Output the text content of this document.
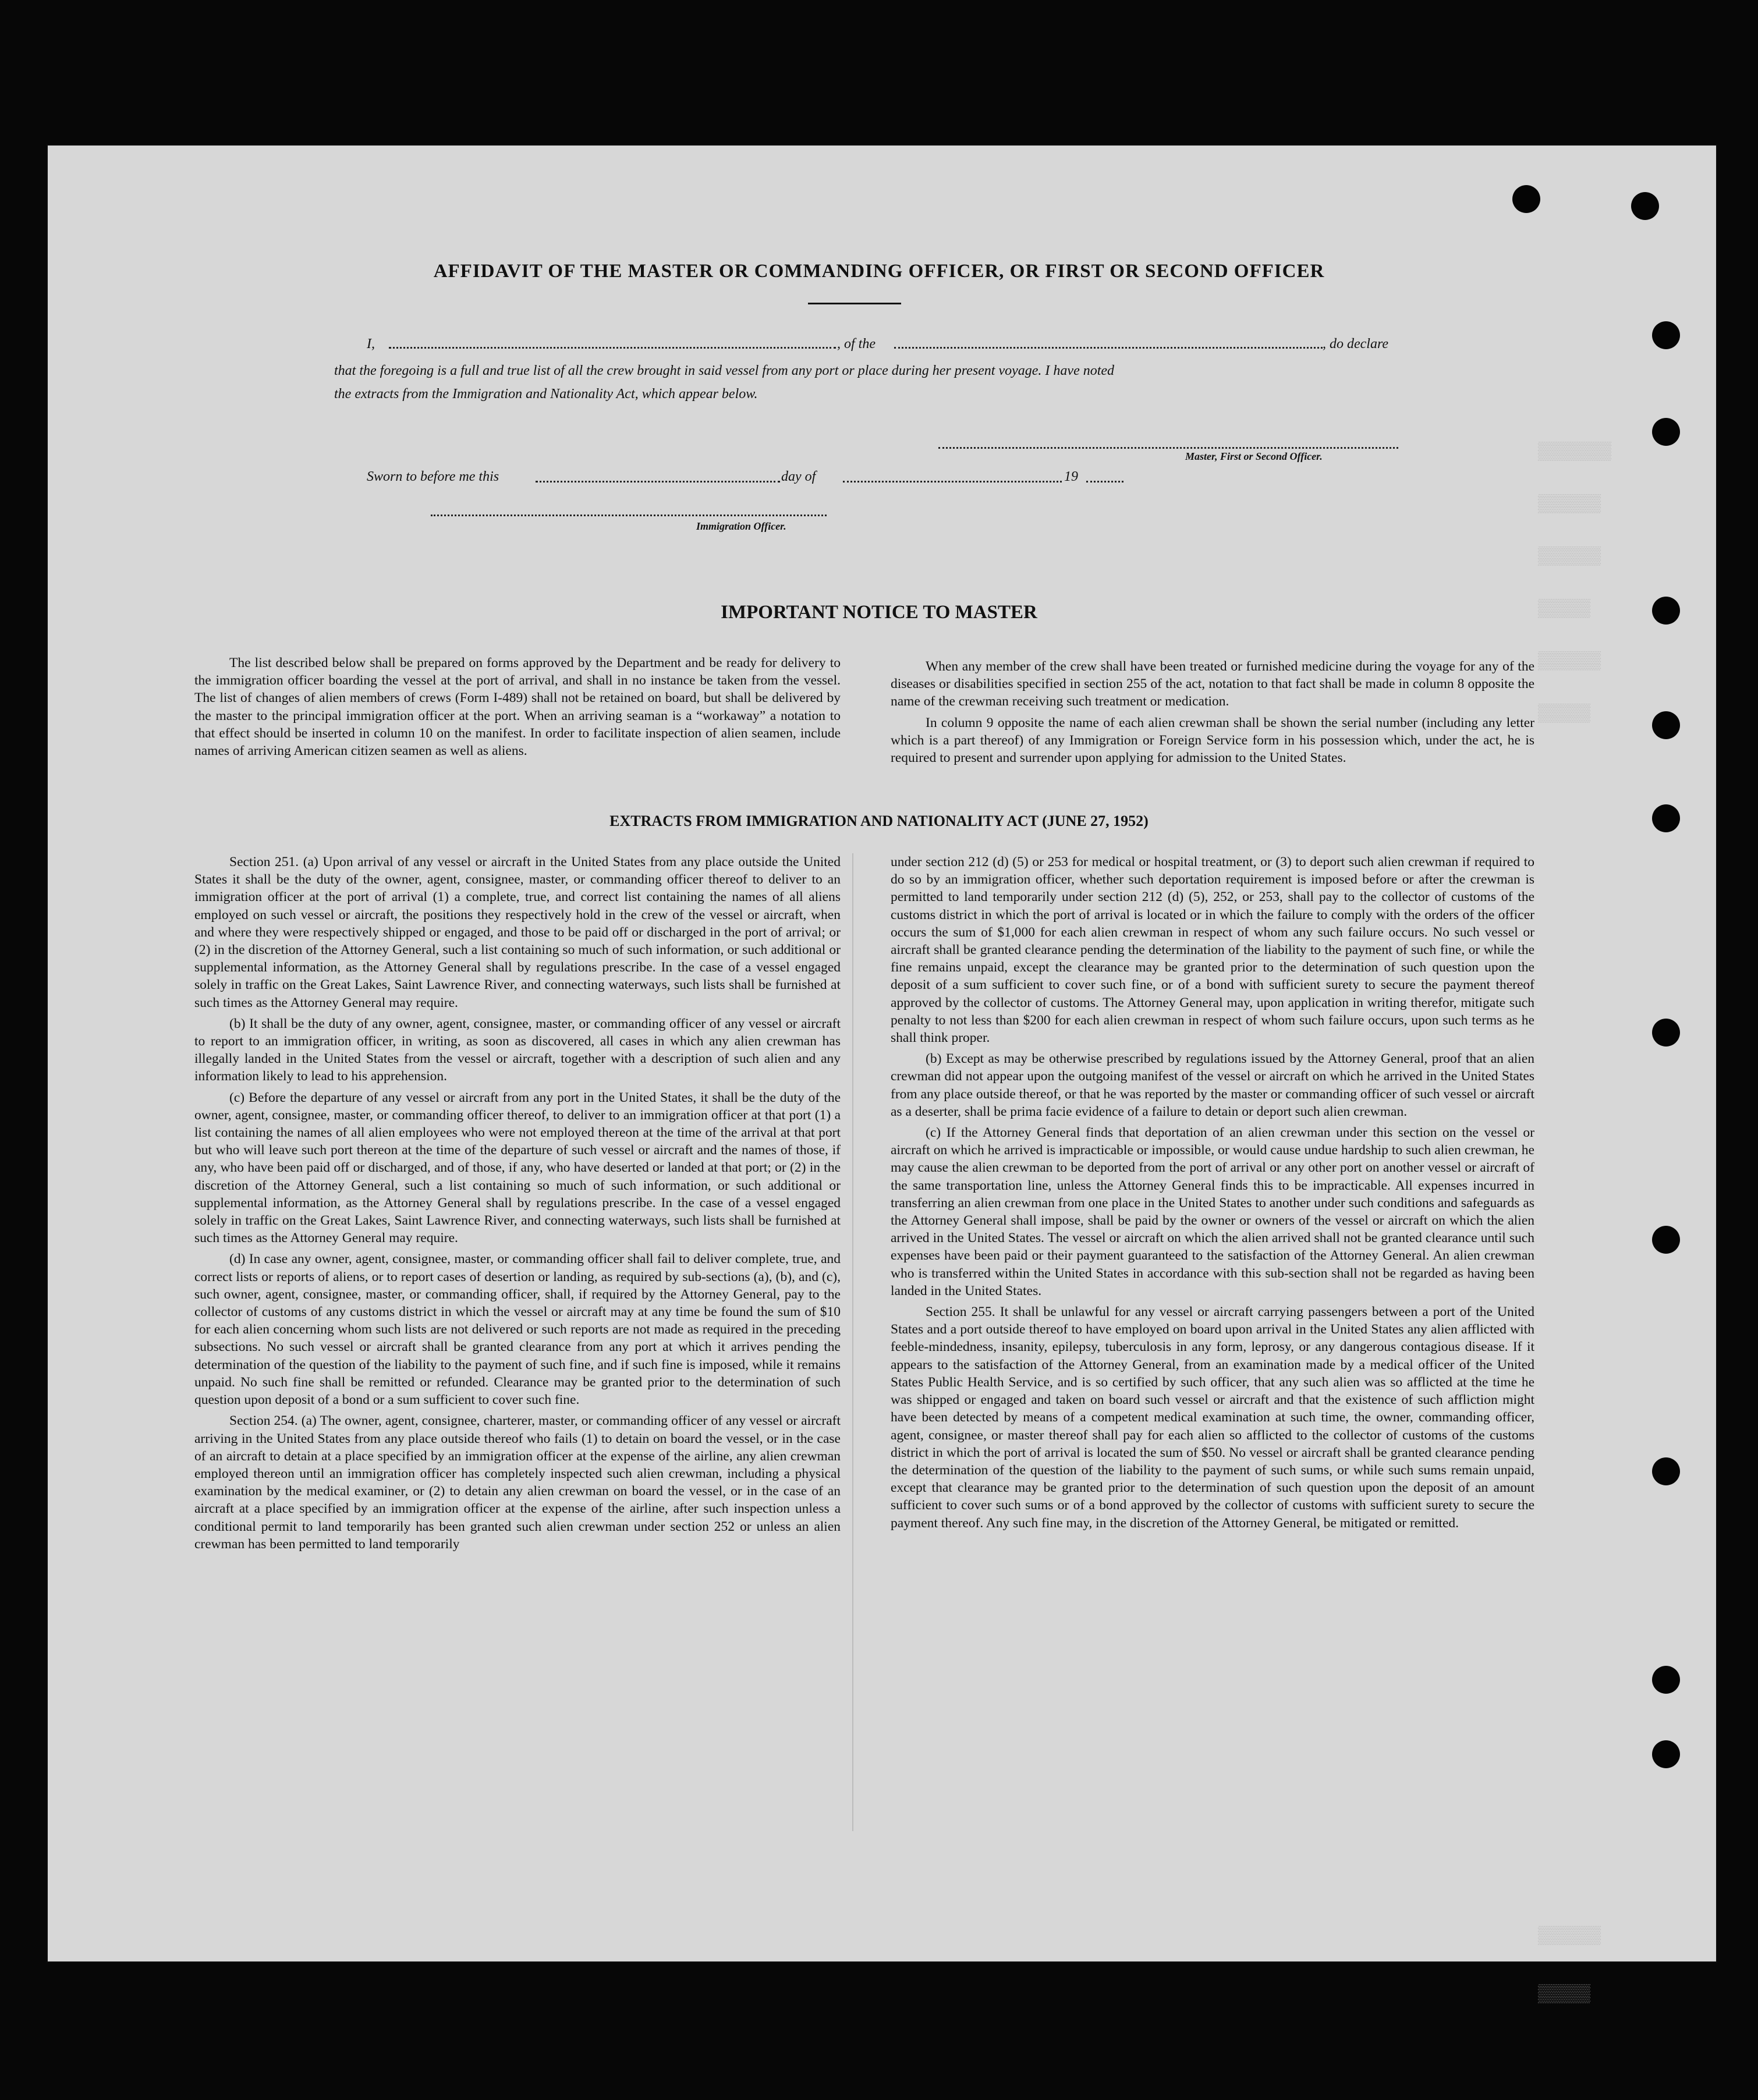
▒▒▒▒▒▒▒
▒▒▒▒▒▒
▒▒▒▒▒▒
▒▒▒▒▒
▒▒▒▒▒▒
▒▒▒▒▒
▒▒▒▒▒▒
▒▒▒▒▒
AFFIDAVIT OF THE MASTER OR COMMANDING OFFICER, OR FIRST OR SECOND OFFICER
I,	, of the	, do declare
that the foregoing is a full and true list of all the crew brought in said vessel from any port or place during her present voyage. I have noted
the extracts from the Immigration and Nationality Act, which appear below.
Master, First or Second Officer.
Sworn to before me this	day of	19
Immigration Officer.
IMPORTANT NOTICE TO MASTER

The list described below shall be prepared on forms approved by the Department and be ready for delivery to the immigration officer boarding the vessel at the port of arrival, and shall in no instance be taken from the vessel. The list of changes of alien members of crews (Form I-489) shall not be retained on board, but shall be delivered by the master to the principal immigration officer at the port. When an arriving seaman is a “workaway” a notation to that effect should be inserted in column 10 on the manifest. In order to facilitate inspection of alien seamen, include names of arriving American citizen seamen as well as aliens.

When any member of the crew shall have been treated or furnished medicine during the voyage for any of the diseases or disabilities specified in section 255 of the act, notation to that fact shall be made in column 8 opposite the name of the crewman receiving such treatment or medication.

In column 9 opposite the name of each alien crewman shall be shown the serial number (including any letter which is a part thereof) of any Immigration or Foreign Service form in his possession which, under the act, he is required to present and surrender upon applying for admission to the United States.

EXTRACTS FROM IMMIGRATION AND NATIONALITY ACT (JUNE 27, 1952)

Section 251. (a) Upon arrival of any vessel or aircraft in the United States from any place outside the United States it shall be the duty of the owner, agent, consignee, master, or commanding officer thereof to deliver to an immigration officer at the port of arrival (1) a complete, true, and correct list containing the names of all aliens employed on such vessel or aircraft, the positions they respectively hold in the crew of the vessel or aircraft, when and where they were respectively shipped or engaged, and those to be paid off or discharged in the port of arrival; or (2) in the discretion of the Attorney General, such a list containing so much of such information, or such additional or supplemental information, as the Attorney General shall by regulations prescribe. In the case of a vessel engaged solely in traffic on the Great Lakes, Saint Lawrence River, and connecting waterways, such lists shall be furnished at such times as the Attorney General may require.

(b) It shall be the duty of any owner, agent, consignee, master, or commanding officer of any vessel or aircraft to report to an immigration officer, in writing, as soon as discovered, all cases in which any alien crewman has illegally landed in the United States from the vessel or aircraft, together with a description of such alien and any information likely to lead to his apprehension.

(c) Before the departure of any vessel or aircraft from any port in the United States, it shall be the duty of the owner, agent, consignee, master, or commanding officer thereof, to deliver to an immigration officer at that port (1) a list containing the names of all alien employees who were not employed thereon at the time of the arrival at that port but who will leave such port thereon at the time of the departure of such vessel or aircraft and the names of those, if any, who have been paid off or discharged, and of those, if any, who have deserted or landed at that port; or (2) in the discretion of the Attorney General, such a list containing so much of such information, or such additional or supplemental information, as the Attorney General shall by regulations prescribe. In the case of a vessel engaged solely in traffic on the Great Lakes, Saint Lawrence River, and connecting waterways, such lists shall be furnished at such times as the Attorney General may require.

(d) In case any owner, agent, consignee, master, or commanding officer shall fail to deliver complete, true, and correct lists or reports of aliens, or to report cases of desertion or landing, as required by sub-sections (a), (b), and (c), such owner, agent, consignee, master, or commanding officer, shall, if required by the Attorney General, pay to the collector of customs of any customs district in which the vessel or aircraft may at any time be found the sum of $10 for each alien concerning whom such lists are not delivered or such reports are not made as required in the preceding subsections. No such vessel or aircraft shall be granted clearance from any port at which it arrives pending the determination of the question of the liability to the payment of such fine, and if such fine is imposed, while it remains unpaid. No such fine shall be remitted or refunded. Clearance may be granted prior to the determination of such question upon deposit of a bond or a sum sufficient to cover such fine.

Section 254. (a) The owner, agent, consignee, charterer, master, or commanding officer of any vessel or aircraft arriving in the United States from any place outside thereof who fails (1) to detain on board the vessel, or in the case of an aircraft to detain at a place specified by an immigration officer at the expense of the airline, any alien crewman employed thereon until an immigration officer has completely inspected such alien crewman, including a physical examination by the medical examiner, or (2) to detain any alien crewman on board the vessel, or in the case of an aircraft at a place specified by an immigration officer at the expense of the airline, after such inspection unless a conditional permit to land temporarily has been granted such alien crewman under section 252 or unless an alien crewman has been permitted to land temporarily

under section 212 (d) (5) or 253 for medical or hospital treatment, or (3) to deport such alien crewman if required to do so by an immigration officer, whether such deportation requirement is imposed before or after the crewman is permitted to land temporarily under section 212 (d) (5), 252, or 253, shall pay to the collector of customs of the customs district in which the port of arrival is located or in which the failure to comply with the orders of the officer occurs the sum of $1,000 for each alien crewman in respect of whom any such failure occurs. No such vessel or aircraft shall be granted clearance pending the determination of the liability to the payment of such fine, or while the fine remains unpaid, except the clearance may be granted prior to the determination of such question upon the deposit of a sum sufficient to cover such fine, or of a bond with sufficient surety to secure the payment thereof approved by the collector of customs. The Attorney General may, upon application in writing therefor, mitigate such penalty to not less than $200 for each alien crewman in respect of whom such failure occurs, upon such terms as he shall think proper.

(b) Except as may be otherwise prescribed by regulations issued by the Attorney General, proof that an alien crewman did not appear upon the outgoing manifest of the vessel or aircraft on which he arrived in the United States from any place outside thereof, or that he was reported by the master or commanding officer of such vessel or aircraft as a deserter, shall be prima facie evidence of a failure to detain or deport such alien crewman.

(c) If the Attorney General finds that deportation of an alien crewman under this section on the vessel or aircraft on which he arrived is impracticable or impossible, or would cause undue hardship to such alien crewman, he may cause the alien crewman to be deported from the port of arrival or any other port on another vessel or aircraft of the same transportation line, unless the Attorney General finds this to be impracticable. All expenses incurred in transferring an alien crewman from one place in the United States to another under such conditions and safeguards as the Attorney General shall impose, shall be paid by the owner or owners of the vessel or aircraft on which the alien arrived in the United States. The vessel or aircraft on which the alien arrived shall not be granted clearance until such expenses have been paid or their payment guaranteed to the satisfaction of the Attorney General. An alien crewman who is transferred within the United States in accordance with this sub-section shall not be regarded as having been landed in the United States.

Section 255. It shall be unlawful for any vessel or aircraft carrying passengers between a port of the United States and a port outside thereof to have employed on board upon arrival in the United States any alien afflicted with feeble-mindedness, insanity, epilepsy, tuberculosis in any form, leprosy, or any dangerous contagious disease. If it appears to the satisfaction of the Attorney General, from an examination made by a medical officer of the United States Public Health Service, and is so certified by such officer, that any such alien was so afflicted at the time he was shipped or engaged and taken on board such vessel or aircraft and that the existence of such affliction might have been detected by means of a competent medical examination at such time, the owner, commanding officer, agent, consignee, or master thereof shall pay for each alien so afflicted to the collector of customs of the customs district in which the port of arrival is located the sum of $50. No vessel or aircraft shall be granted clearance pending the determination of the question of the liability to the payment of such sums, or while such sums remain unpaid, except that clearance may be granted prior to the determination of such question upon the deposit of an amount sufficient to cover such sums or of a bond approved by the collector of customs with sufficient surety to secure the payment thereof. Any such fine may, in the discretion of the Attorney General, be mitigated or remitted.
